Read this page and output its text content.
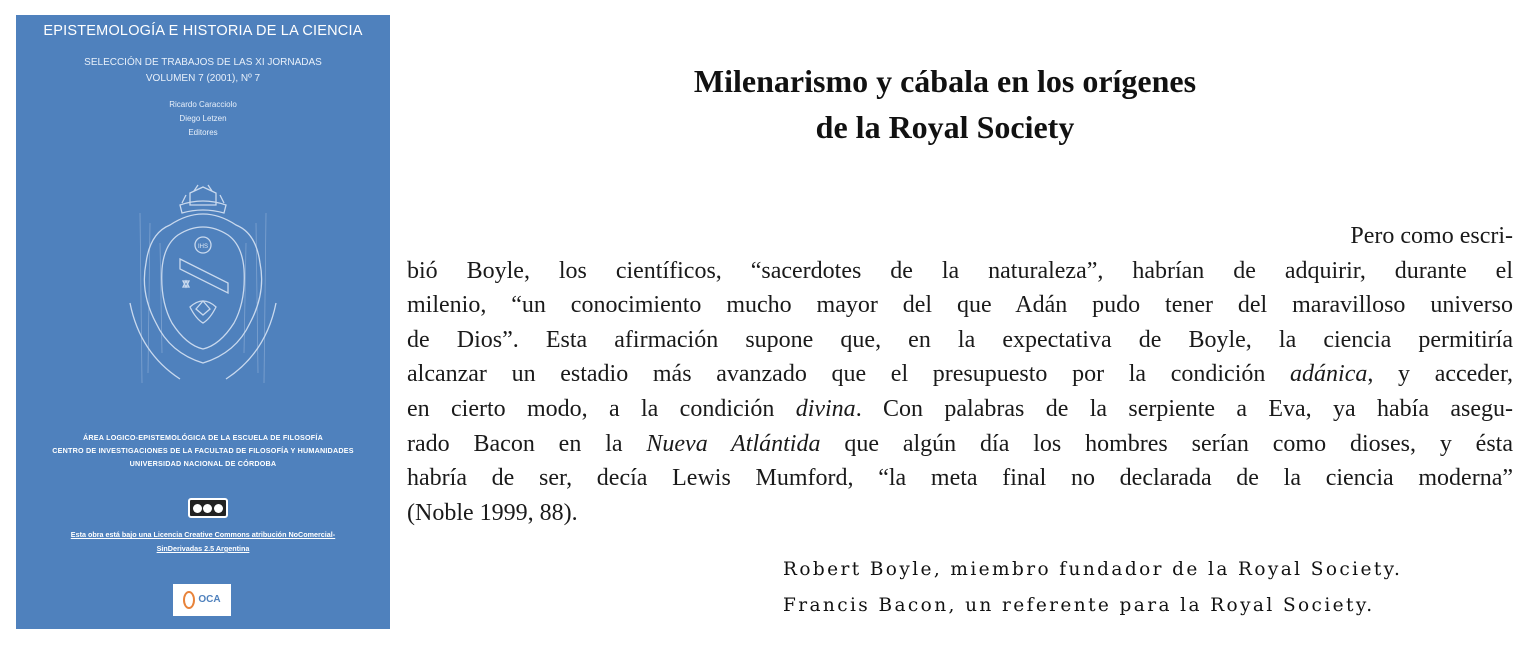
EPISTEMOLOGÍA E HISTORIA DE LA CIENCIA
SELECCIÓN DE TRABAJOS DE LAS XI JORNADAS
VOLUMEN 7 (2001), Nº 7
Ricardo Caracciolo
Diego Letzen
Editores
IHS
ÁREA LOGICO-EPISTEMOLÓGICA DE LA ESCUELA DE FILOSOFÍA
CENTRO DE INVESTIGACIONES DE LA FACULTAD DE FILOSOFÍA Y HUMANIDADES
UNIVERSIDAD NACIONAL DE CÓRDOBA
Esta obra está bajo una Licencia Creative Commons atribución NoComercial-
SinDerivadas 2.5 Argentina
OCA
Milenarismo y cábala en los orígenes
de la Royal Society
Pero como escri-
bió Boyle, los científicos, “sacerdotes de la naturaleza”, habrían de adquirir, durante el
milenio, “un conocimiento mucho mayor del que Adán pudo tener del maravilloso universo
de Dios”. Esta afirmación supone que, en la expectativa de Boyle, la ciencia permitiría
alcanzar un estadio más avanzado que el presupuesto por la condición adánica, y acceder,
en cierto modo, a la condición divina. Con palabras de la serpiente a Eva, ya había asegu-
rado Bacon en la Nueva Atlántida que algún día los hombres serían como dioses, y ésta
habría de ser, decía Lewis Mumford, “la meta final no declarada de la ciencia moderna”
(Noble 1999, 88).
Robert Boyle, miembro fundador de la Royal Society.
Francis Bacon, un referente para la Royal Society.
